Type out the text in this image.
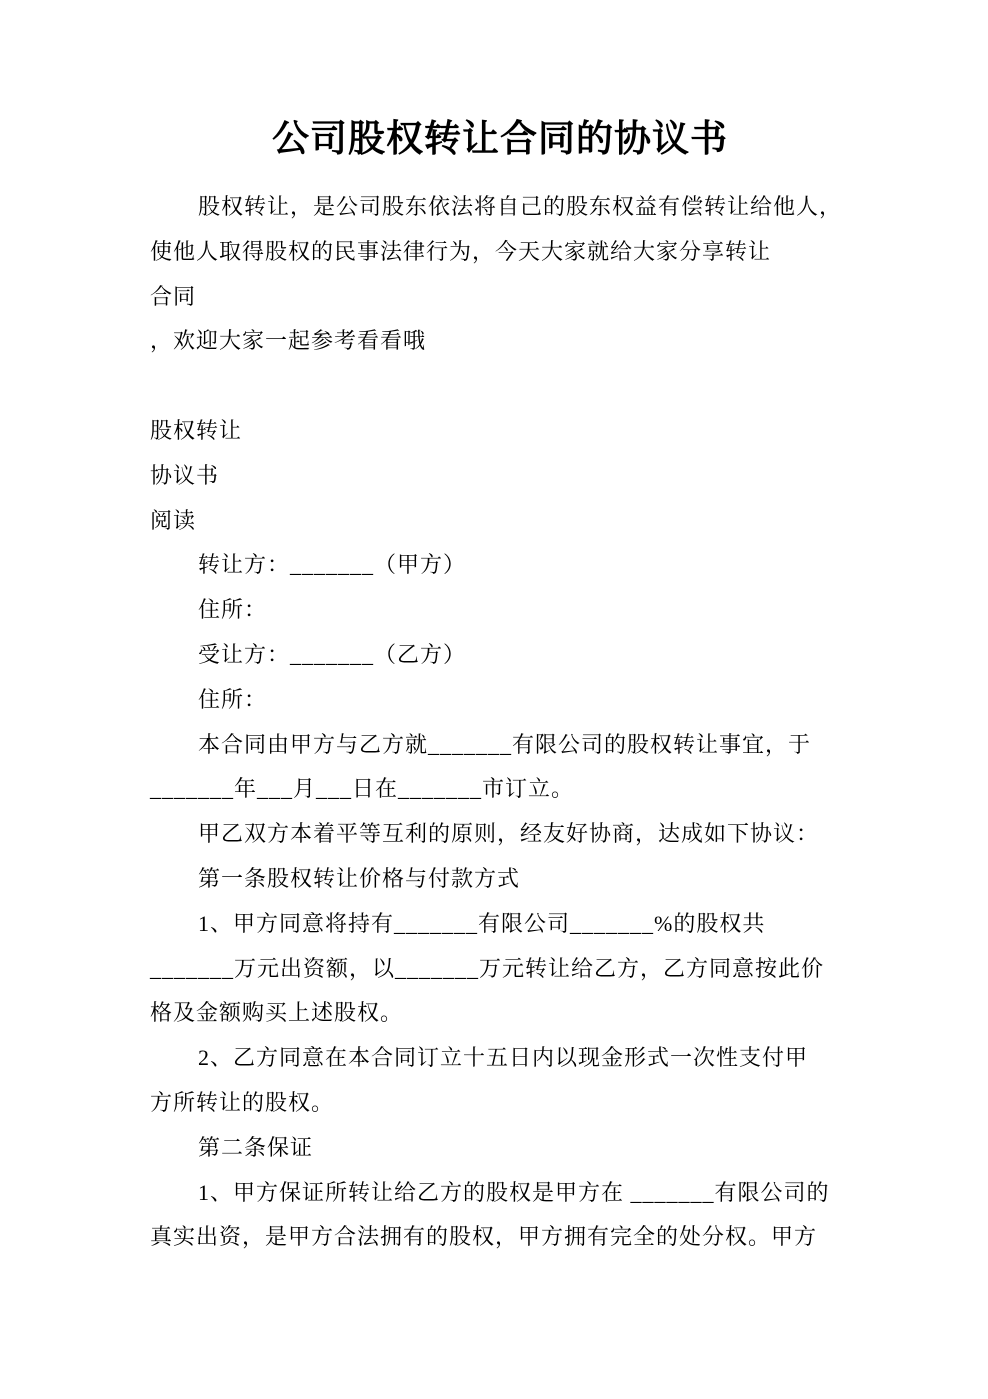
公司股权转让合同的协议书
股权转让，是公司股东依法将自己的股东权益有偿转让给他人，
使他人取得股权的民事法律行为，今天大家就给大家分享转让
合同
，欢迎大家一起参考看看哦
股权转让
协议书
阅读
转让方：_______（甲方）
住所：
受让方：_______（乙方）
住所：
本合同由甲方与乙方就_______有限公司的股权转让事宜，于
_______年___月___日在_______市订立。
甲乙双方本着平等互利的原则，经友好协商，达成如下协议：
第一条股权转让价格与付款方式
1、甲方同意将持有_______有限公司_______%的股权共
_______万元出资额，以_______万元转让给乙方，乙方同意按此价
格及金额购买上述股权。
2、乙方同意在本合同订立十五日内以现金形式一次性支付甲
方所转让的股权。
第二条保证
1、甲方保证所转让给乙方的股权是甲方在 _______有限公司的
真实出资，是甲方合法拥有的股权，甲方拥有完全的处分权。甲方
